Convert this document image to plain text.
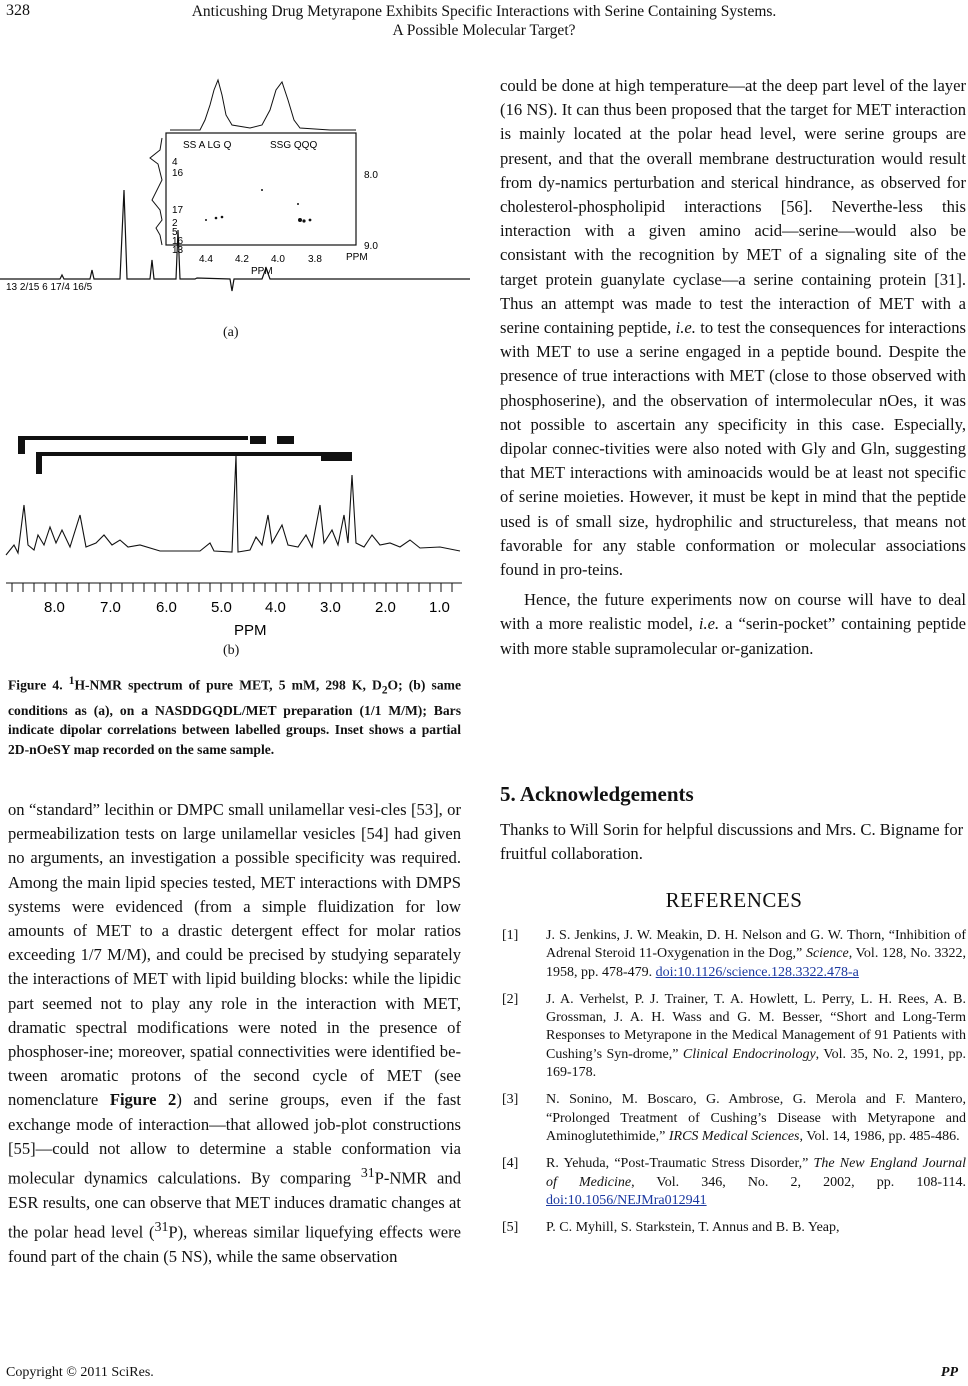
328	Anticushing Drug Metyrapone Exhibits Specific Interactions with Serine Containing Systems.
A Possible Molecular Target?
SS A LG Q	SSG QQQ
4
16
17
2
5
16
13
8.0
9.0
4.4 4.2 4.0 3.8
PPM
PPM
13 2/15 6 17/4 16/5
(a)
8.0 7.0 6.0 5.0 4.0 3.0 2.0 1.0
PPM
(b)
Figure 4. $^1$H-NMR spectrum of pure MET, 5 mM, 298 K, $D_2O$; (b) same conditions as (a), on a NASDDGQDL/MET preparation (1/1 M/M); Bars indicate dipolar correlations between labelled groups. Inset shows a partial 2D-nOeSY map recorded on the same sample.

on “standard” lecithin or DMPC small unilamellar vesi-cles [53], or permeabilization tests on large unilamellar vesicles [54] had given no arguments, an investigation a possible specificity was required. Among the main lipid species tested, MET interactions with DMPS systems were evidenced (from a simple fluidization for low amounts of MET to a drastic detergent effect for molar ratios exceeding 1/7 M/M), and could be precised by studying separately the interactions of MET with lipid building blocks: while the lipidic part seemed not to play any role in the interaction with MET, dramatic spectral modifications were noted in the presence of phosphoser-ine; moreover, spatial connectivities were identified be-tween aromatic protons of the second cycle of MET (see nomenclature Figure 2) and serine groups, even if the fast exchange mode of interaction—that allowed job-plot constructions [55]—could not allow to determine a stable conformation via molecular dynamics calculations. By comparing $^{31}$P-NMR and ESR results, one can observe that MET induces dramatic changes at the polar head level ($^{31}$P), whereas similar liquefying effects were found part of the chain (5 NS), while the same observation

could be done at high temperature—at the deep part level of the layer (16 NS). It can thus been proposed that the target for MET interaction is mainly located at the polar head level, were serine groups are present, and that the overall membrane destructuration would result from dy-namics perturbation and sterical hindrance, as observed for cholesterol-phospholipid interactions [56]. Neverthe-less this interaction with a given amino acid—serine—would also be consistant with the recognition by MET of a signaling site of the target protein guanylate cyclase—a serine containing protein [31]. Thus an attempt was made to test the interaction of MET with a serine containing peptide, i.e. to test the consequences for interactions with MET to use a serine engaged in a peptide bound. Despite the presence of true interactions with MET (close to those observed with phosphoserine), and the observation of intermolecular nOes, it was not possible to ascertain any specificity in this case. Especially, dipolar connec-tivities were also noted with Gly and Gln, suggesting that MET interactions with aminoacids would be at least not specific of serine moieties. However, it must be kept in mind that the peptide used is of small size, hydrophilic and structureless, that means not favorable for any stable conformation or molecular associations found in pro-teins.

Hence, the future experiments now on course will have to deal with a more realistic model, i.e. a “serin-pocket” containing peptide with more stable supramolecular or-ganization.

5. Acknowledgements
Thanks to Will Sorin for helpful discussions and Mrs. C. Bigname for fruitful collaboration.
REFERENCES
[1] J. S. Jenkins, J. W. Meakin, D. H. Nelson and G. W. Thorn, “Inhibition of Adrenal Steroid 11-Oxygenation in the Dog,” Science, Vol. 128, No. 3322, 1958, pp. 478-479. doi:10.1126/science.128.3322.478-a
[2] J. A. Verhelst, P. J. Trainer, T. A. Howlett, L. Perry, L. H. Rees, A. B. Grossman, J. A. H. Wass and G. M. Besser, “Short and Long-Term Responses to Metyrapone in the Medical Management of 91 Patients with Cushing’s Syn-drome,” Clinical Endocrinology, Vol. 35, No. 2, 1991, pp. 169-178.
[3] N. Sonino, M. Boscaro, G. Ambrose, G. Merola and F. Mantero, “Prolonged Treatment of Cushing’s Disease with Metyrapone and Aminoglutethimide,” IRCS Medical Sciences, Vol. 14, 1986, pp. 485-486.
[4] R. Yehuda, “Post-Traumatic Stress Disorder,” The New England Journal of Medicine, Vol. 346, No. 2, 2002, pp. 108-114. doi:10.1056/NEJMra012941
[5] P. C. Myhill, S. Starkstein, T. Annus and B. B. Yeap,
Copyright © 2011 SciRes.	PP
